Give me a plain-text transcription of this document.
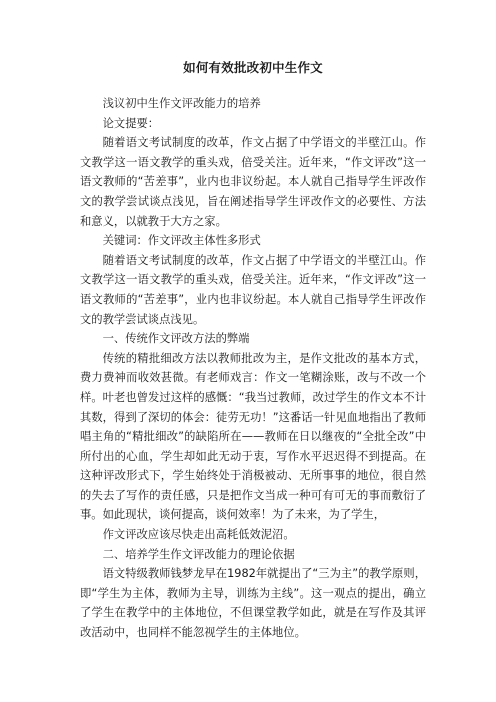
如何有效批改初中生作文

浅议初中生作文评改能力的培养

论文提要：

随着语文考试制度的改革，作文占据了中学语文的半壁江山。作文教学这一语文教学的重头戏，倍受关注。近年来，“作文评改”这一语文教师的“苦差事”，业内也非议纷起。本人就自己指导学生评改作文的教学尝试谈点浅见，旨在阐述指导学生评改作文的必要性、方法和意义，以就教于大方之家。

关键词：作文评改主体性多形式

随着语文考试制度的改革，作文占据了中学语文的半壁江山。作文教学这一语文教学的重头戏，倍受关注。近年来，“作文评改”这一语文教师的“苦差事”，业内也非议纷起。本人就自己指导学生评改作文的教学尝试谈点浅见。

一、传统作文评改方法的弊端

传统的精批细改方法以教师批改为主，是作文批改的基本方式，费力费神而收效甚微。有老师戏言：作文一笔糊涂账，改与不改一个样。叶老也曾发过这样的感慨：“我当过教师，改过学生的作文本不计其数，得到了深切的体会：徒劳无功！”这番话一针见血地指出了教师唱主角的“精批细改”的缺陷所在——教师在日以继夜的“全批全改”中所付出的心血，学生却如此无动于衷，写作水平迟迟得不到提高。在这种评改形式下，学生始终处于消极被动、无所事事的地位，很自然的失去了写作的责任感，只是把作文当成一种可有可无的事而敷衍了事。如此现状，谈何提高，谈何效率！为了未来，为了学生，

作文评改应该尽快走出高耗低效泥沼。

二、培养学生作文评改能力的理论依据

语文特级教师钱梦龙早在1982年就提出了“三为主”的教学原则，即“学生为主体，教师为主导，训练为主线”。这一观点的提出，确立了学生在教学中的主体地位，不但课堂教学如此，就是在写作及其评改活动中，也同样不能忽视学生的主体地位。
